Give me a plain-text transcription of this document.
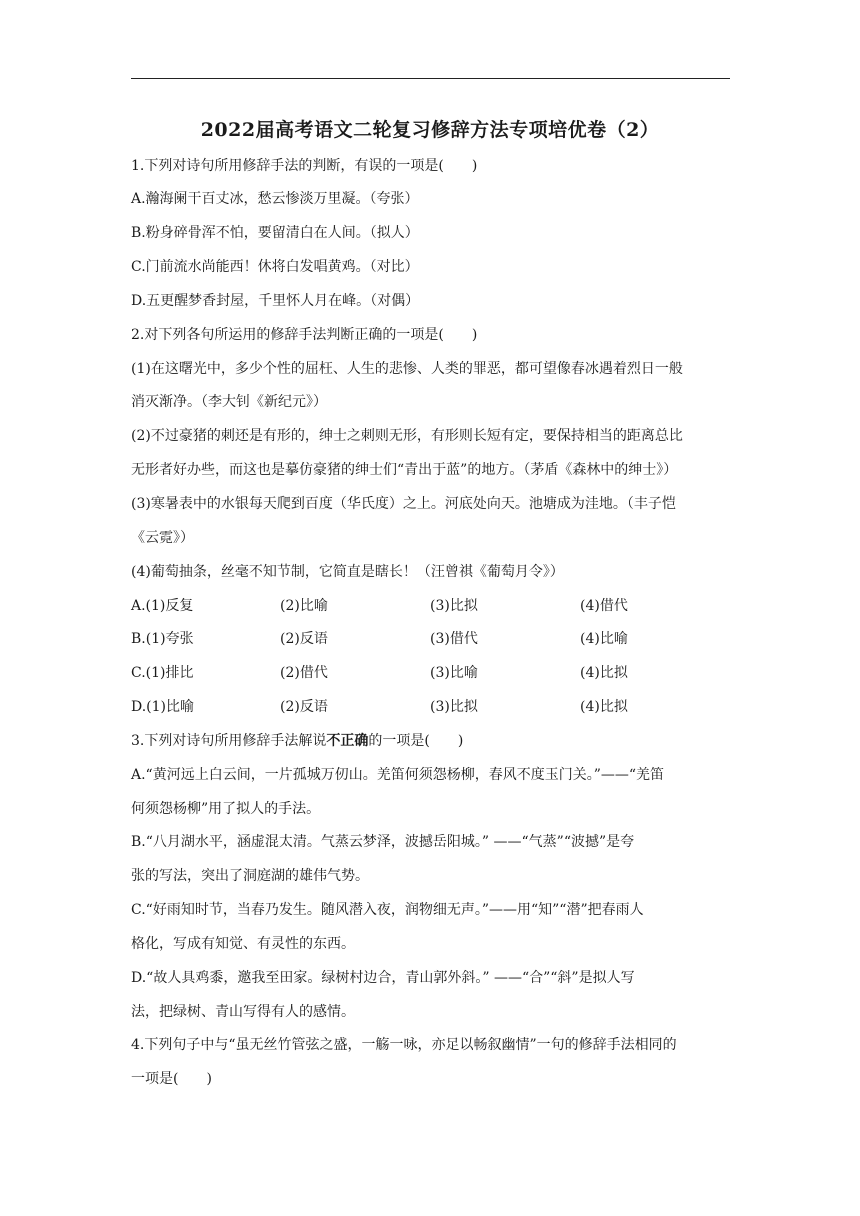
2022届高考语文二轮复习修辞方法专项培优卷（2）
1.下列对诗句所用修辞手法的判断，有误的一项是(　　)
A.瀚海阑干百丈冰，愁云惨淡万里凝。（夸张）
B.粉身碎骨浑不怕，要留清白在人间。（拟人）
C.门前流水尚能西！休将白发唱黄鸡。（对比）
D.五更醒梦香封屋，千里怀人月在峰。（对偶）
2.对下列各句所运用的修辞手法判断正确的一项是(　　)
(1)在这曙光中，多少个性的屈枉、人生的悲惨、人类的罪恶，都可望像春冰遇着烈日一般
消灭渐净。（李大钊《新纪元》）
(2)不过豪猪的刺还是有形的，绅士之刺则无形，有形则长短有定，要保持相当的距离总比
无形者好办些，而这也是摹仿豪猪的绅士们“青出于蓝”的地方。（茅盾《森林中的绅士》）
(3)寒暑表中的水银每天爬到百度（华氏度）之上。河底处向天。池塘成为洼地。（丰子恺
《云霓》）
(4)葡萄抽条，丝毫不知节制，它简直是瞎长！（汪曾祺《葡萄月令》）
A.(1)反复	(2)比喻	(3)比拟	(4)借代
B.(1)夸张	(2)反语	(3)借代	(4)比喻
C.(1)排比	(2)借代	(3)比喻	(4)比拟
D.(1)比喻	(2)反语	(3)比拟	(4)比拟
3.下列对诗句所用修辞手法解说不正确的一项是(　　)
A.“黄河远上白云间，一片孤城万仞山。羌笛何须怨杨柳，春风不度玉门关。”——“羌笛
何须怨杨柳”用了拟人的手法。
B.“八月湖水平，涵虚混太清。气蒸云梦泽，波撼岳阳城。” ——“气蒸”“波撼”是夸
张的写法，突出了洞庭湖的雄伟气势。
C.“好雨知时节，当春乃发生。随风潜入夜，润物细无声。”——用“知”“潜”把春雨人
格化，写成有知觉、有灵性的东西。
D.“故人具鸡黍，邀我至田家。绿树村边合，青山郭外斜。” ——“合”“斜”是拟人写
法，把绿树、青山写得有人的感情。
4.下列句子中与“虽无丝竹管弦之盛，一觞一咏，亦足以畅叙幽情”一句的修辞手法相同的
一项是(　　)
